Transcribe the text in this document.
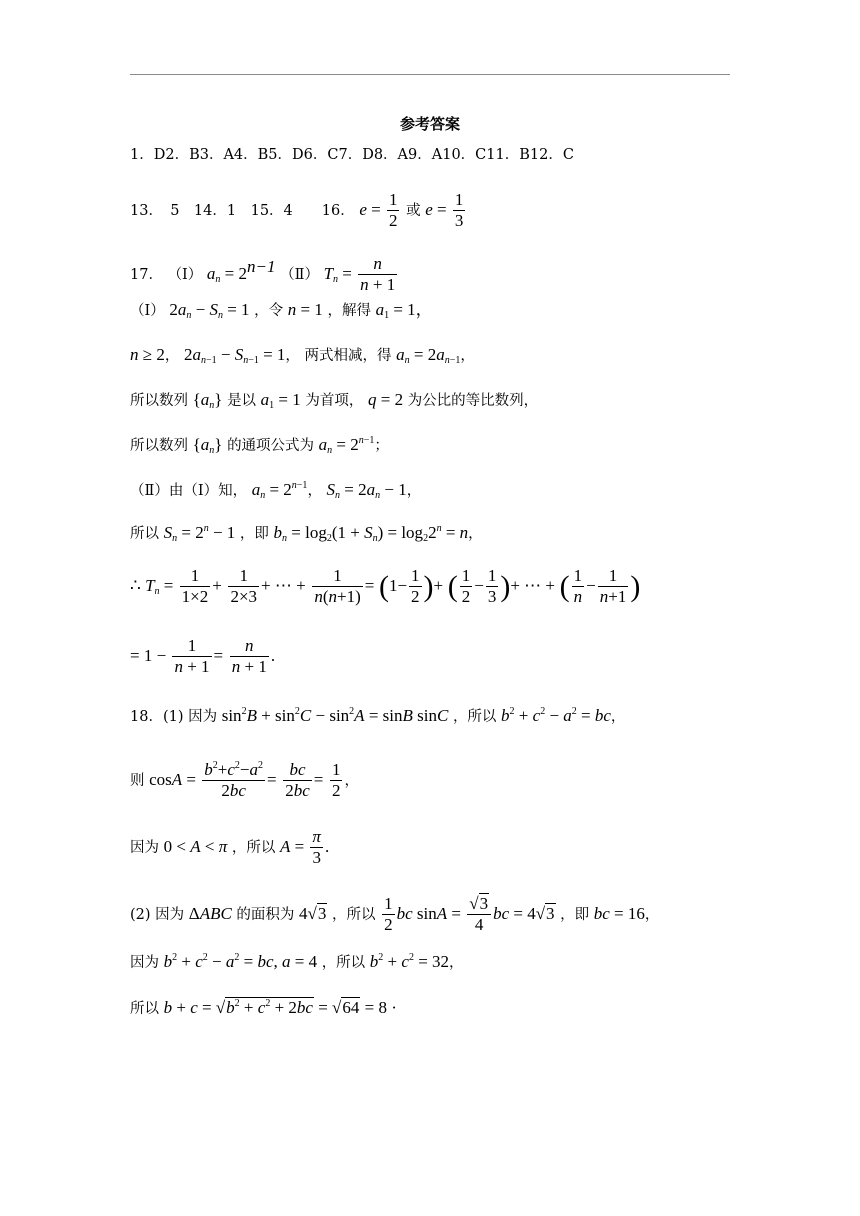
参考答案
1．D2．B3．A4．B5．D6．C7．D8．A9．A10．C11．B12．C
13．　5　14．1　15．4　　16． $e = \frac{1}{2}$ 或 $e = \frac{1}{3}$
17． （Ⅰ） $a_n = 2^{n-1}$ （Ⅱ） $T_n = \frac{n}{n + 1}$
（Ⅰ） $2a_n - S_n = 1$ ，令 n = 1 ，解得 $a_1 = 1$，
n ≥ 2， $2a_{n-1} - S_{n-1} = 1$， 两式相减，得 $a_n = 2a_{n-1}$，
所以数列 $\{a_n\}$ 是以 $a_1 = 1$ 为首项， q = 2 为公比的等比数列，
所以数列 $\{a_n\}$ 的通项公式为 $a_n = 2^{n-1}$；
（Ⅱ）由（Ⅰ）知， $a_n = 2^{n-1}$， $S_n = 2a_n - 1$，
所以 $S_n = 2^n - 1$ ，即 $b_n = \log_2(1 + S_n) = \log_22^n = n$，
∴ $T_n = \frac{1}{1\times 2} + \frac{1}{2\times 3}$ + ⋯ + $\frac{1}{n(n+1)} = (1- \frac{1}{2}$ )+ ( $\frac{1}{2} - \frac{1}{3}$ )+ ⋯ + ( $\frac{1}{n} - \frac{1}{n+1}$ )
= $1 - \frac{1}{n + 1} = \frac{n}{n + 1}$ .
18．(1) 因为 $\sin^2B + \sin^2C - \sin^2A = \sin B$ sinC ，所以 $b^2 + c^2 - a^2$ = bc，
则 $\cos A = \frac{b^2+c^2-a^2}{2bc} = \frac{bc}{2bc} = \frac{1}{2}$ ，
因为 0 < A < π ，所以 $A = \frac{\pi}{3}$ .
(2) 因为 ΔABC 的面积为 4√3 ，所以 $\frac{1}{2}$ bc $\sin A = \frac{√3}{4}$ bc = 4√3 ，即 bc = 16，
因为 $b^2 + c^2 - a^2$ = bc, a = 4 ，所以 $b^2 + c^2 = 32$，
所以 $b + c = √b^2 + c^2 + 2bc = √64 = 8$ ·
